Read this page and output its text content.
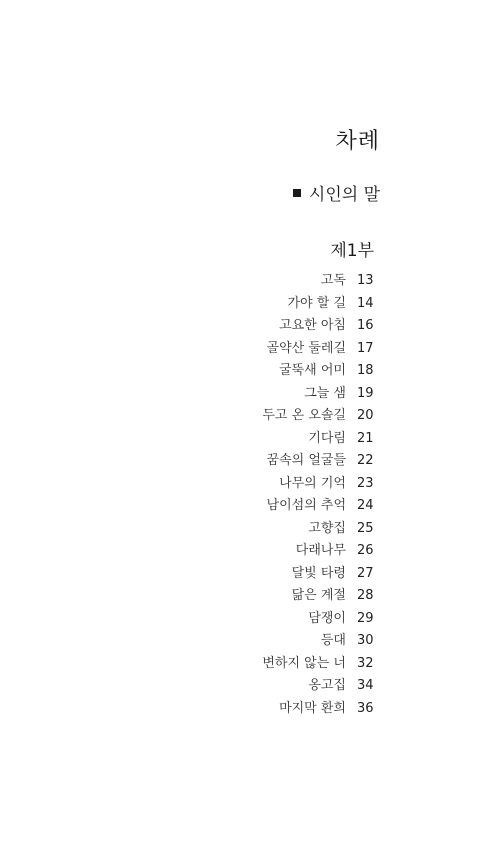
차례
시인의 말
제1부
고독 13
가야 할 길 14
고요한 아침 16
골약산 둘레길 17
굴뚝새 어미 18
그늘 샘 19
두고 온 오솔길 20
기다림 21
꿈속의 얼굴들 22
나무의 기억 23
남이섬의 추억 24
고향집 25
다래나무 26
달빛 타령 27
닮은 계절 28
담쟁이 29
등대 30
변하지 않는 너 32
옹고집 34
마지막 환희 36
